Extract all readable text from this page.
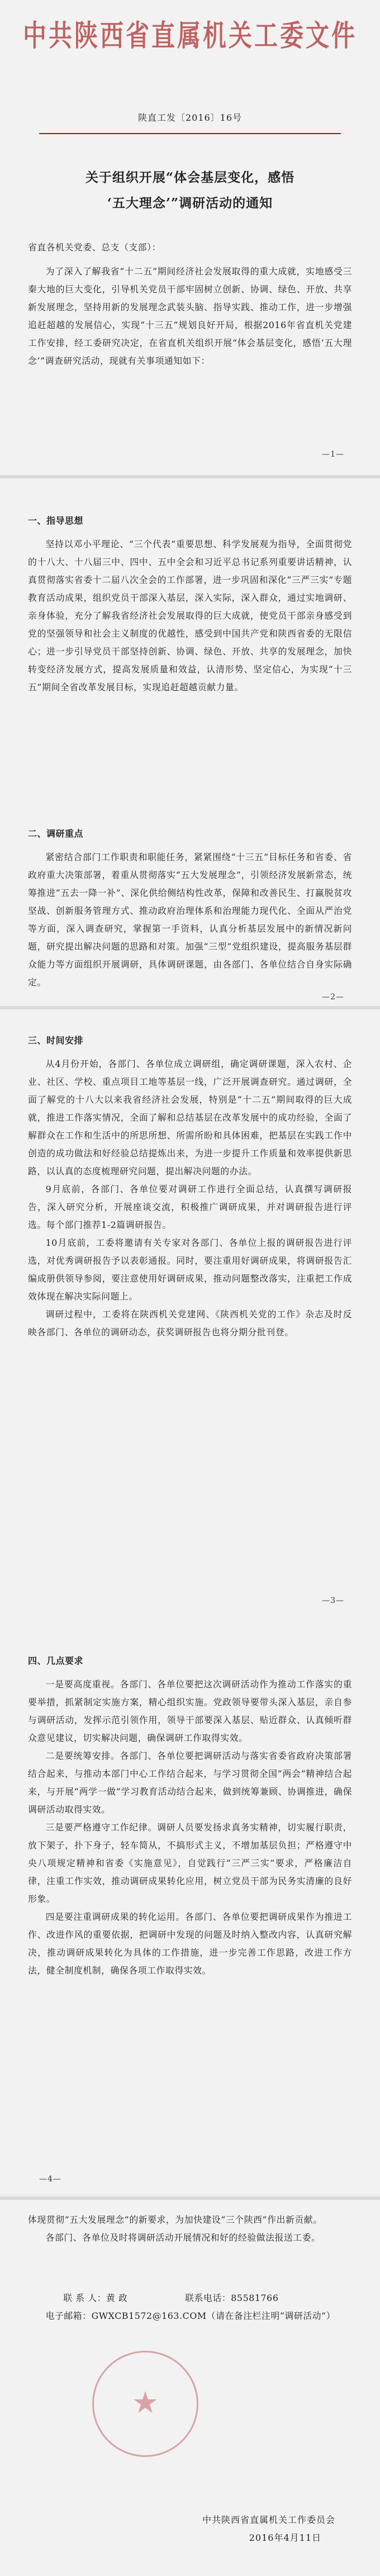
中共陕西省直属机关工委文件
陕直工发〔2016〕16号
关于组织开展“体会基层变化，感悟
‘五大理念’”调研活动的通知
省直各机关党委、总支（支部）：

为了深入了解我省“十二五”期间经济社会发展取得的重大成就，实地感受三秦大地的巨大变化，引导机关党员干部牢固树立创新、协调、绿色、开放、共享新发展理念，坚持用新的发展理念武装头脑、指导实践、推动工作，进一步增强追赶超越的发展信心，实现“十三五”规划良好开局，根据2016年省直机关党建工作安排，经工委研究决定，在省直机关组织开展“体会基层变化，感悟‘五大理念’”调查研究活动，现就有关事项通知如下：

—1—

一、指导思想

坚持以邓小平理论、“三个代表”重要思想、科学发展观为指导，全面贯彻党的十八大、十八届三中、四中、五中全会和习近平总书记系列重要讲话精神，认真贯彻落实省委十二届八次全会的工作部署，进一步巩固和深化“三严三实”专题教育活动成果，组织党员干部深入基层，深入实际，深入群众，通过实地调研、亲身体验，充分了解我省经济社会发展取得的巨大成就，使党员干部亲身感受到党的坚强领导和社会主义制度的优越性，感受到中国共产党和陕西省委的无限信心；进一步引导党员干部坚持创新、协调、绿色、开放、共享的发展理念，加快转变经济发展方式，提高发展质量和效益，认清形势、坚定信心，为实现“十三五”期间全省改革发展目标，实现追赶超越贡献力量。

二、调研重点

紧密结合部门工作职责和职能任务，紧紧围绕“十三五”目标任务和省委、省政府重大决策部署，着重从贯彻落实“五大发展理念”，引领经济发展新常态，统筹推进“五去一降一补”、深化供给侧结构性改革，保障和改善民生、打赢脱贫攻坚战、创新服务管理方式、推动政府治理体系和治理能力现代化、全面从严治党等方面，深入调查研究，掌握第一手资料，认真分析基层发展中的新情况新问题，研究提出解决问题的思路和对策。加强“三型”党组织建设，提高服务基层群众能力等方面组织开展调研，具体调研课题，由各部门、各单位结合自身实际确定。

—2—

三、时间安排

从4月份开始，各部门、各单位成立调研组，确定调研课题，深入农村、企业、社区、学校、重点项目工地等基层一线，广泛开展调查研究。通过调研，全面了解党的十八大以来我省经济社会发展，特别是“十二五”期间取得的巨大成就，推进工作落实情况，全面了解和总结基层在改革发展中的成功经验，全面了解群众在工作和生活中的所思所想、所需所盼和具体困难，把基层在实践工作中创造的成功做法和好经验总结提炼出来，为进一步提升工作质量和效率提供新思路，以认真的态度梳理研究问题，提出解决问题的办法。

9月底前，各部门、各单位要对调研工作进行全面总结，认真撰写调研报告，深入研究分析，开展座谈交流，积极推广调研成果，并对调研报告进行评选。每个部门推荐1-2篇调研报告。

10月底前，工委将邀请有关专家对各部门、各单位上报的调研报告进行评选，对优秀调研报告予以表彰通报。同时，要注重用好调研成果，将调研报告汇编成册供领导参阅，要注意使用好调研成果，推动问题整改落实，注重把工作成效体现在解决实际问题上。

调研过程中，工委将在陕西机关党建网、《陕西机关党的工作》杂志及时反映各部门、各单位的调研动态，获奖调研报告也将分期分批刊登。

—3—

四、几点要求

一是要高度重视。各部门、各单位要把这次调研活动作为推动工作落实的重要举措，抓紧制定实施方案，精心组织实施。党政领导要带头深入基层，亲自参与调研活动，发挥示范引领作用，领导干部要深入基层、贴近群众、认真倾听群众意见建议，切实解决问题，确保调研工作取得实效。

二是要统筹安排。各部门、各单位要把调研活动与落实省委省政府决策部署结合起来，与推动本部门中心工作结合起来，与学习贯彻全国“两会”精神结合起来，与开展“两学一做”学习教育活动结合起来，做到统筹兼顾、协调推进，确保调研活动取得实效。

三是要严格遵守工作纪律。调研人员要发扬求真务实精神，切实履行职责，放下架子，扑下身子，轻车简从，不搞形式主义，不增加基层负担；严格遵守中央八项规定精神和省委《实施意见》，自觉践行“三严三实”要求，严格廉洁自律，注重工作实效，推动调研成果转化应用，树立党员干部为民务实清廉的良好形象。

四是要注重调研成果的转化运用。各部门、各单位要把调研成果作为推进工作、改进作风的重要依据，把调研中发现的问题及时纳入整改内容，认真研究解决，推动调研成果转化为具体的工作措施，进一步完善工作思路，改进工作方法，健全制度机制，确保各项工作取得实效。

—4—

体现贯彻“五大发展理念”的新要求，为加快建设“三个陕西”作出新贡献。

各部门、各单位及时将调研活动开展情况和好的经验做法报送工委。

联 系 人：黄 政	联系电话：85581766

电子邮箱：GWXCB1572@163.COM（请在备注栏注明“调研活动”）

★
中共陕西省直属机关工作委员会
2016年4月11日
